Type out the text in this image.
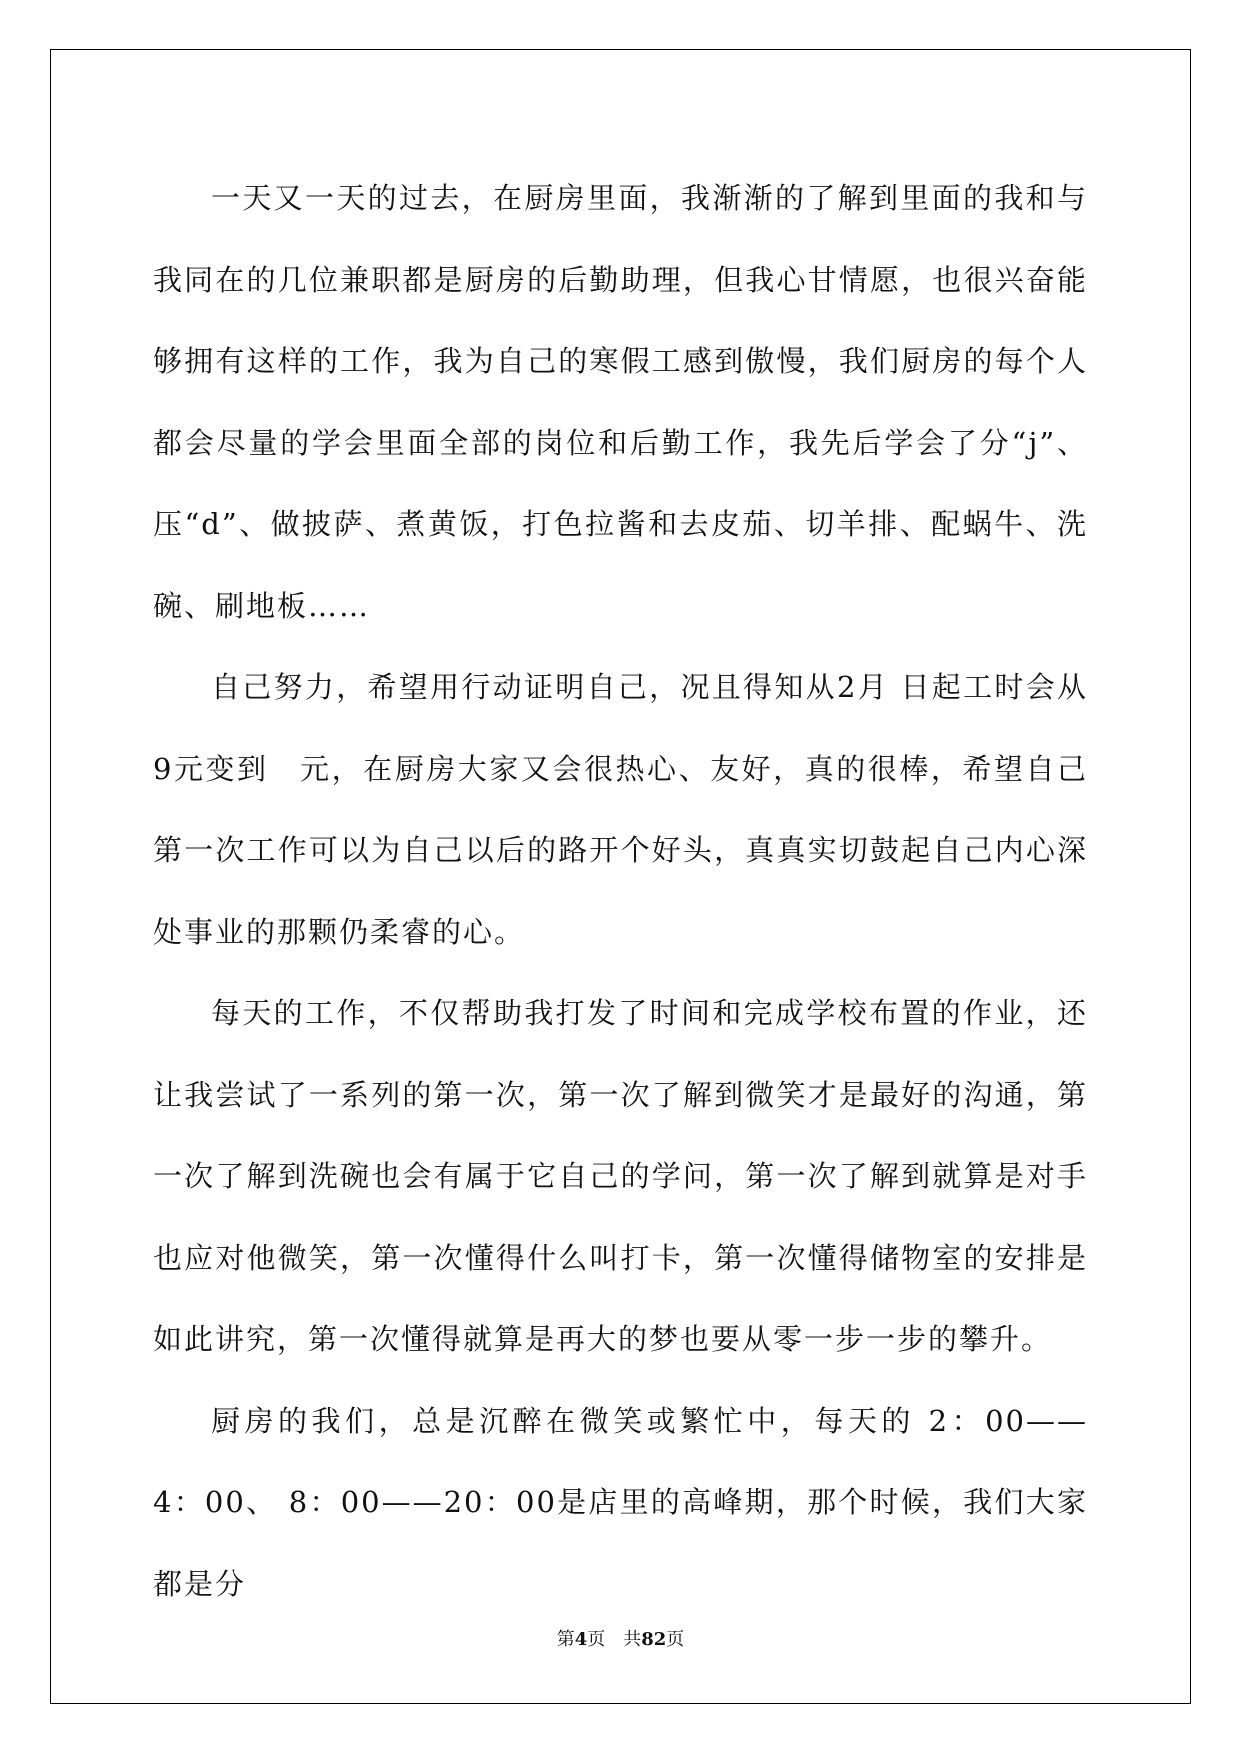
一天又一天的过去，在厨房里面，我渐渐的了解到里面的我和与我同在的几位兼职都是厨房的后勤助理，但我心甘情愿，也很兴奋能够拥有这样的工作，我为自己的寒假工感到傲慢，我们厨房的每个人都会尽量的学会里面全部的岗位和后勤工作，我先后学会了分“j”、压“d”、做披萨、煮黄饭，打色拉酱和去皮茄、切羊排、配蜗牛、洗碗、刷地板……

自己努力，希望用行动证明自己，况且得知从2月 日起工时会从9元变到　元，在厨房大家又会很热心、友好，真的很棒，希望自己第一次工作可以为自己以后的路开个好头，真真实切鼓起自己内心深处事业的那颗仍柔睿的心。

每天的工作，不仅帮助我打发了时间和完成学校布置的作业，还让我尝试了一系列的第一次，第一次了解到微笑才是最好的沟通，第一次了解到洗碗也会有属于它自己的学问，第一次了解到就算是对手也应对他微笑，第一次懂得什么叫打卡，第一次懂得储物室的安排是如此讲究，第一次懂得就算是再大的梦也要从零一步一步的攀升。

厨房的我们，总是沉醉在微笑或繁忙中，每天的 2：00—— 4：00、 8：00——20：00是店里的高峰期，那个时候，我们大家都是分

第4页　共82页
